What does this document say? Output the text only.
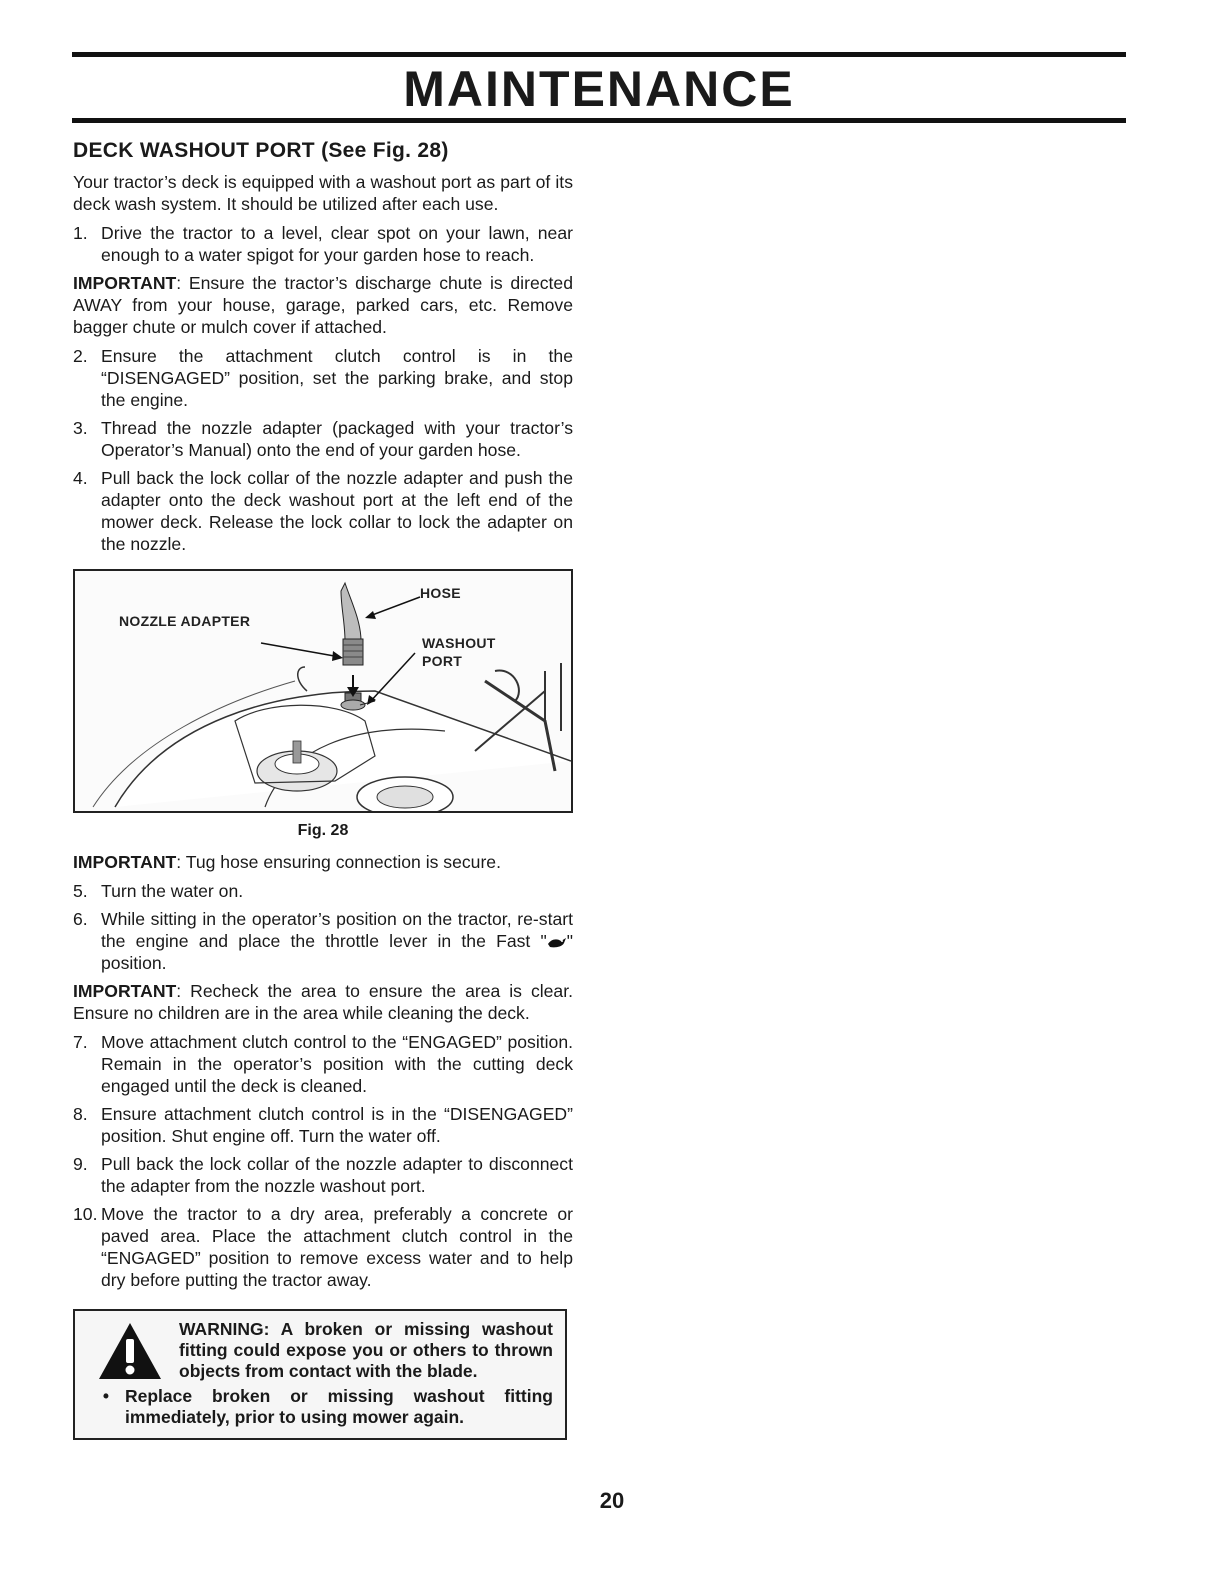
MAINTENANCE
DECK WASHOUT PORT (See Fig. 28)

Your tractor’s deck is equipped with a washout port as part of its deck wash system. It should be utilized after each use.

1. Drive the tractor to a level, clear spot on your lawn, near enough to a water spigot for your garden hose to reach.

IMPORTANT: Ensure the tractor’s discharge chute is directed AWAY from your house, garage, parked cars, etc. Remove bagger chute or mulch cover if attached.

2. Ensure the attachment clutch control is in the “DISENGAGED” position, set the parking brake, and stop the engine.
3. Thread the nozzle adapter (packaged with your tractor’s Operator’s Manual) onto the end of your garden hose.
4. Pull back the lock collar of the nozzle adapter and push the adapter onto the deck washout port at the left end of the mower deck. Release the lock collar to lock the adapter on the nozzle.
NOZZLE ADAPTER
HOSE
WASHOUT
PORT
Fig. 28

IMPORTANT: Tug hose ensuring connection is secure.

5. Turn the water on.
6. While sitting in the operator’s position on the tractor, re-start the engine and place the throttle lever in the Fast " " position.

IMPORTANT: Recheck the area to ensure the area is clear. Ensure no children are in the area while cleaning the deck.

7. Move attachment clutch control to the “ENGAGED” position. Remain in the operator’s position with the cutting deck engaged until the deck is cleaned.
8. Ensure attachment clutch control is in the “DISENGAGED” position. Shut engine off. Turn the water off.
9. Pull back the lock collar of the nozzle adapter to disconnect the adapter from the nozzle washout port.
10. Move the tractor to a dry area, preferably a concrete or paved area. Place the attachment clutch control in the “ENGAGED” position to remove excess water and to help dry before putting the tractor away.
WARNING: A broken or missing washout fitting could expose you or others to thrown objects from contact with the blade.
• Replace broken or missing washout fitting immediately, prior to using mower again.
20
